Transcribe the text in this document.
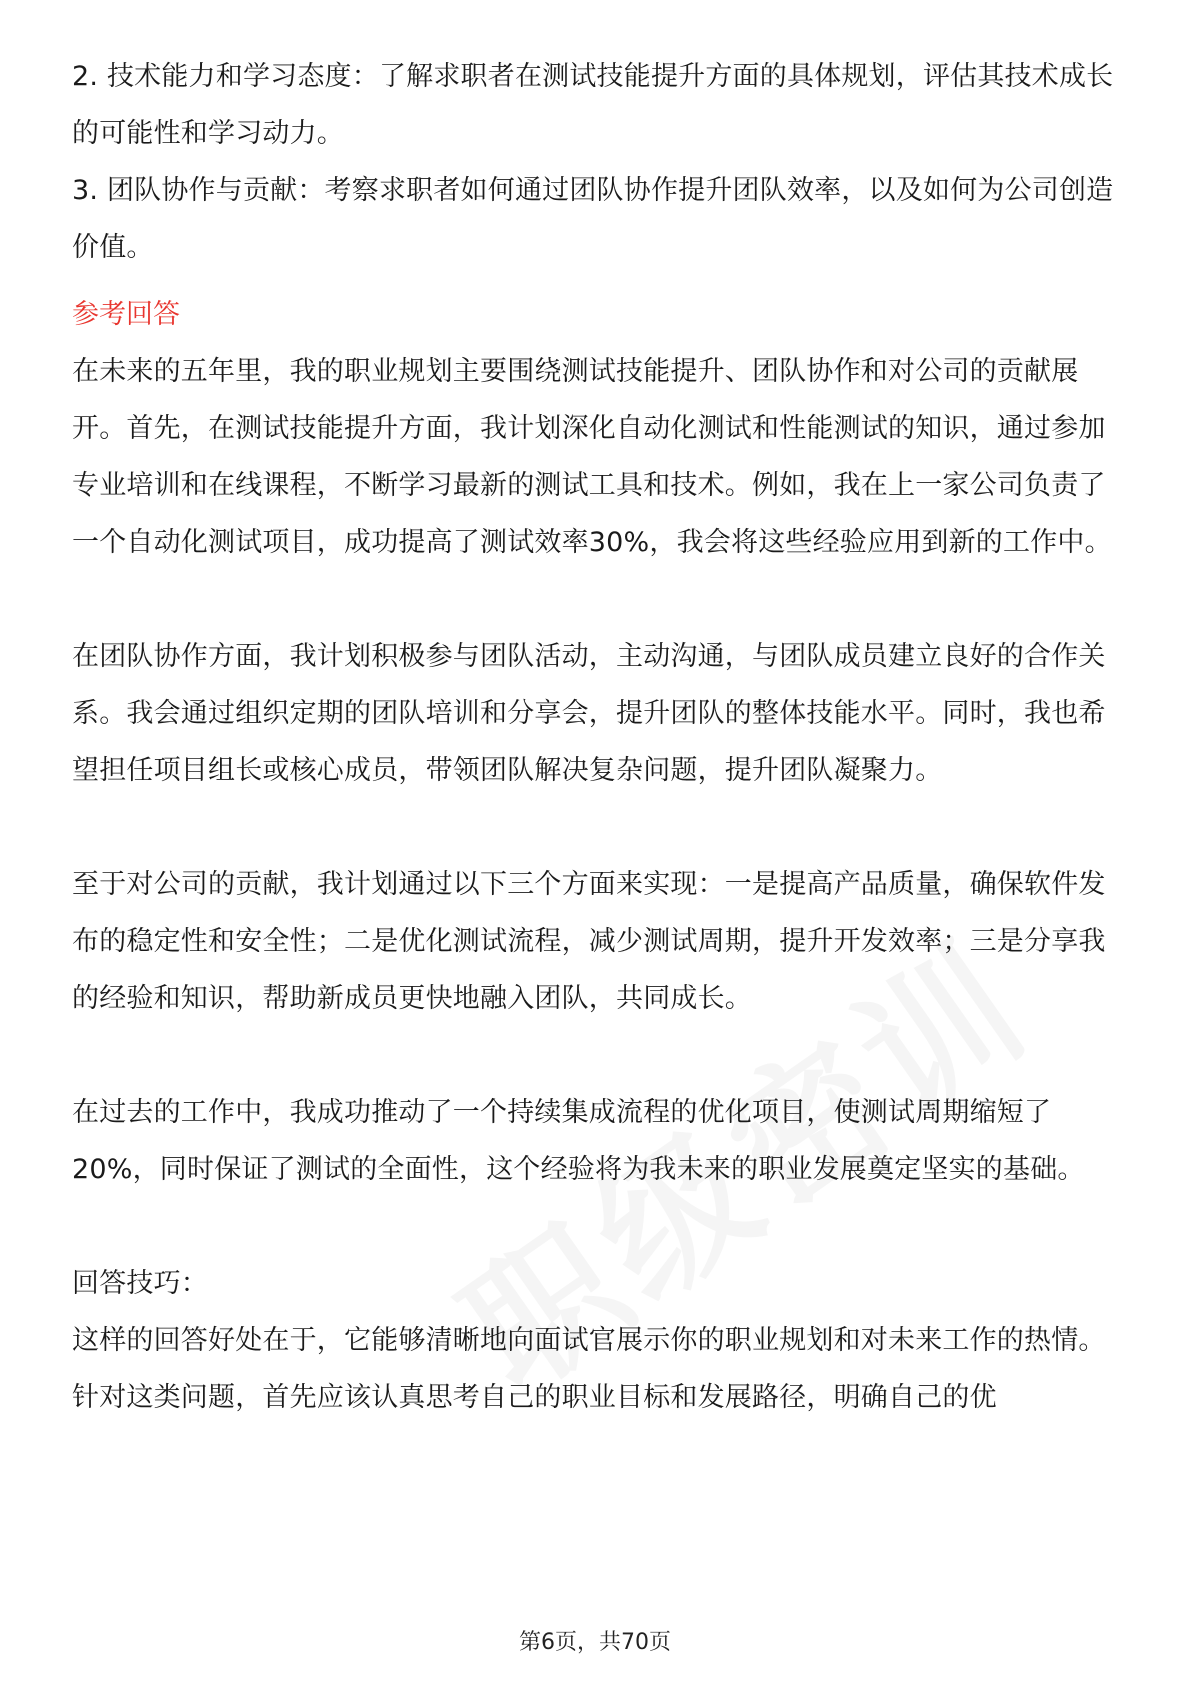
2. 技术能力和学习态度：了解求职者在测试技能提升方面的具体规划，评估其技术成长的可能性和学习动力。

3. 团队协作与贡献：考察求职者如何通过团队协作提升团队效率，以及如何为公司创造价值。

参考回答

在未来的五年里，我的职业规划主要围绕测试技能提升、团队协作和对公司的贡献展开。首先，在测试技能提升方面，我计划深化自动化测试和性能测试的知识，通过参加专业培训和在线课程，不断学习最新的测试工具和技术。例如，我在上一家公司负责了一个自动化测试项目，成功提高了测试效率30%，我会将这些经验应用到新的工作中。

在团队协作方面，我计划积极参与团队活动，主动沟通，与团队成员建立良好的合作关系。我会通过组织定期的团队培训和分享会，提升团队的整体技能水平。同时，我也希望担任项目组长或核心成员，带领团队解决复杂问题，提升团队凝聚力。

至于对公司的贡献，我计划通过以下三个方面来实现：一是提高产品质量，确保软件发布的稳定性和安全性；二是优化测试流程，减少测试周期，提升开发效率；三是分享我的经验和知识，帮助新成员更快地融入团队，共同成长。

在过去的工作中，我成功推动了一个持续集成流程的优化项目，使测试周期缩短了20%，同时保证了测试的全面性，这个经验将为我未来的职业发展奠定坚实的基础。

回答技巧：

这样的回答好处在于，它能够清晰地向面试官展示你的职业规划和对未来工作的热情。针对这类问题，首先应该认真思考自己的职业目标和发展路径，明确自己的优

第6页，共70页
